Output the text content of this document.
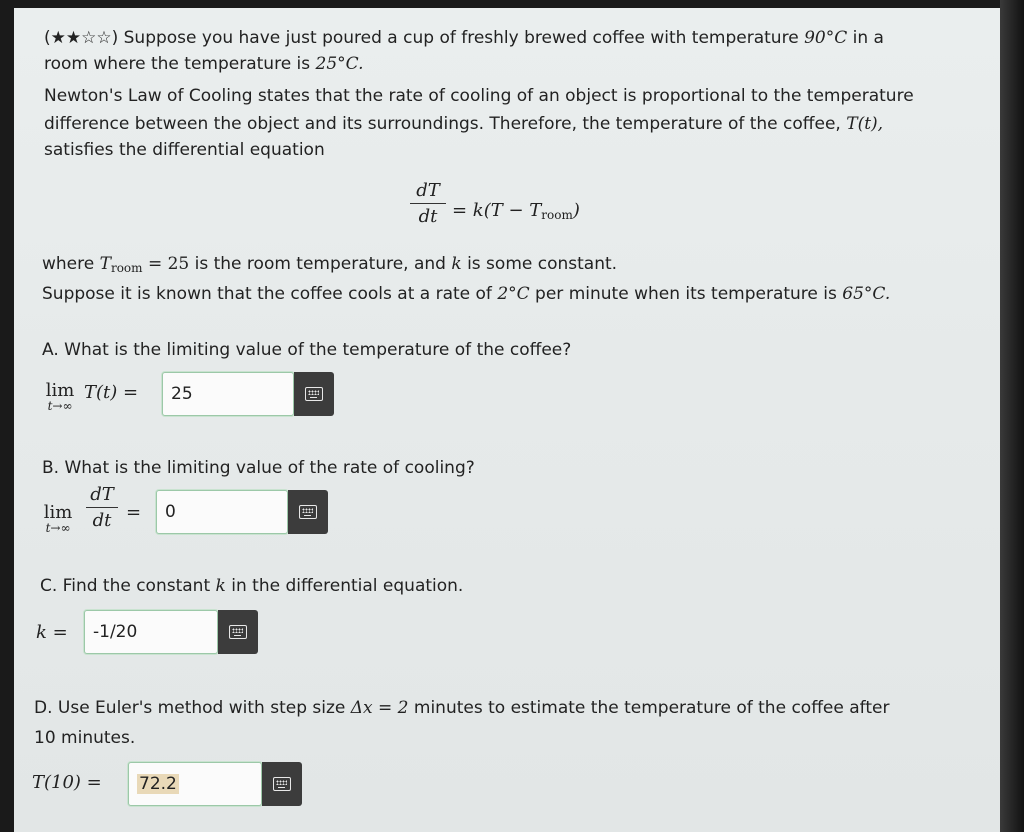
(★★☆☆) Suppose you have just poured a cup of freshly brewed coffee with temperature 90°C in a
room where the temperature is 25°C.
Newton's Law of Cooling states that the rate of cooling of an object is proportional to the temperature
difference between the object and its surroundings. Therefore, the temperature of the coffee, T(t),
satisfies the differential equation
dT
dt = $k(T - T_{room})$
where $T_{room} = 25$ is the room temperature, and k is some constant.
Suppose it is known that the coffee cools at a rate of 2°C per minute when its temperature is 65°C.
A. What is the limiting value of the temperature of the coffee?
lim
t→∞
T(t) =	25
B. What is the limiting value of the rate of cooling?
lim
t→∞
dT
dt =	0
C. Find the constant k in the differential equation.
k =	-1/20
D. Use Euler's method with step size Δx = 2 minutes to estimate the temperature of the coffee after
10 minutes.
T(10) =	72.2
